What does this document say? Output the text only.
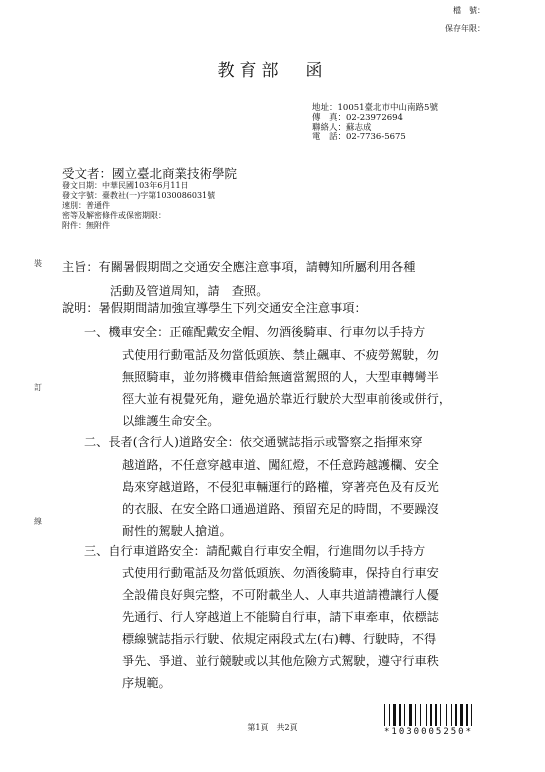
檔　號：
保存年限：
教育部　函
地址：10051臺北市中山南路5號
傳　真：02-23972694
聯絡人：蘇志成
電　話：02-7736-5675
受文者：國立臺北商業技術學院
發文日期：中華民國103年6月11日
發文字號：臺教社(一)字第1030086031號
速別：普通件
密等及解密條件或保密期限：
附件：無附件
裝
訂
線
主旨：有關暑假期間之交通安全應注意事項，請轉知所屬利用各種
活動及管道周知，請　查照。
說明：暑假期間請加強宣導學生下列交通安全注意事項：
一、機車安全：正確配戴安全帽、勿酒後騎車、行車勿以手持方
式使用行動電話及勿當低頭族、禁止飆車、不疲勞駕駛，勿
無照騎車，並勿將機車借給無適當駕照的人，大型車轉彎半
徑大並有視覺死角，避免過於靠近行駛於大型車前後或併行，
以維護生命安全。
二、長者(含行人)道路安全：依交通號誌指示或警察之指揮來穿
越道路，不任意穿越車道、闖紅燈，不任意跨越護欄、安全
島來穿越道路，不侵犯車輛運行的路權，穿著亮色及有反光
的衣服、在安全路口通過道路、預留充足的時間，不要躁沒
耐性的駕駛人搶道。
三、自行車道路安全：請配戴自行車安全帽，行進間勿以手持方
式使用行動電話及勿當低頭族、勿酒後騎車，保持自行車安
全設備良好與完整，不可附載坐人、人車共道請禮讓行人優
先通行、行人穿越道上不能騎自行車，請下車牽車，依標誌
標線號誌指示行駛、依規定兩段式左(右)轉、行駛時，不得
爭先、爭道、並行競駛或以其他危險方式駕駛，遵守行車秩
序規範。
第1頁　共2頁	*1030005250*
